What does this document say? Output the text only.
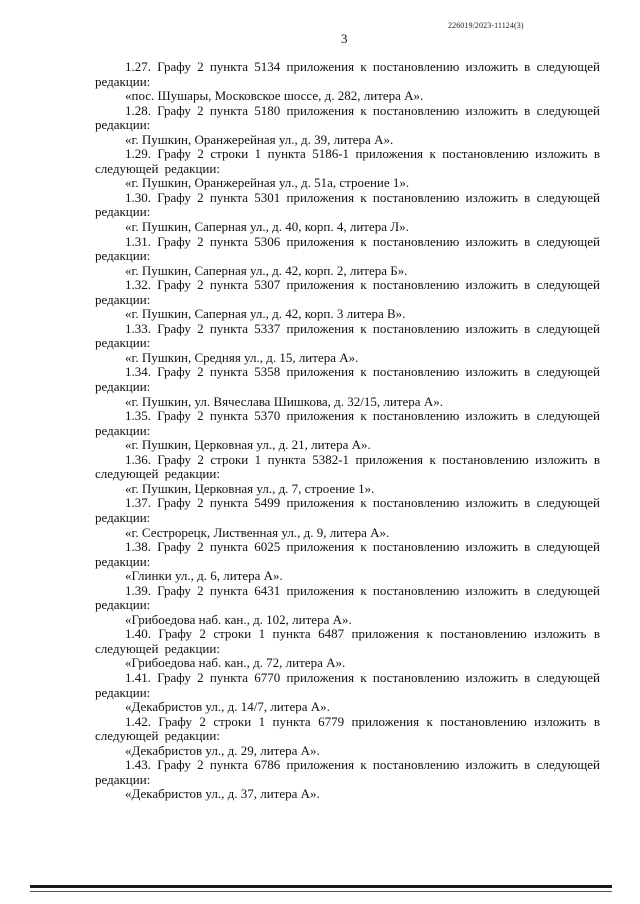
226019/2023-11124(3)
3

1.27. Графу 2 пункта 5134 приложения к постановлению изложить в следующей редакции:

«пос. Шушары, Московское шоссе, д. 282, литера А».

1.28. Графу 2 пункта 5180 приложения к постановлению изложить в следующей редакции:

«г. Пушкин, Оранжерейная ул., д. 39, литера А».

1.29. Графу 2 строки 1 пункта 5186-1 приложения к постановлению изложить в следующей редакции:

«г. Пушкин, Оранжерейная ул., д. 51а, строение 1».

1.30. Графу 2 пункта 5301 приложения к постановлению изложить в следующей редакции:

«г. Пушкин, Саперная ул., д. 40, корп. 4, литера Л».

1.31. Графу 2 пункта 5306 приложения к постановлению изложить в следующей редакции:

«г. Пушкин, Саперная ул., д. 42, корп. 2, литера Б».

1.32. Графу 2 пункта 5307 приложения к постановлению изложить в следующей редакции:

«г. Пушкин, Саперная ул., д. 42, корп. 3 литера В».

1.33. Графу 2 пункта 5337 приложения к постановлению изложить в следующей редакции:

«г. Пушкин, Средняя ул., д. 15, литера А».

1.34. Графу 2 пункта 5358 приложения к постановлению изложить в следующей редакции:

«г. Пушкин, ул. Вячеслава Шишкова, д. 32/15, литера А».

1.35. Графу 2 пункта 5370 приложения к постановлению изложить в следующей редакции:

«г. Пушкин, Церковная ул., д. 21, литера А».

1.36. Графу 2 строки 1 пункта 5382-1 приложения к постановлению изложить в следующей редакции:

«г. Пушкин, Церковная ул., д. 7, строение 1».

1.37. Графу 2 пункта 5499 приложения к постановлению изложить в следующей редакции:

«г. Сестрорецк, Лиственная ул., д. 9, литера А».

1.38. Графу 2 пункта 6025 приложения к постановлению изложить в следующей редакции:

«Глинки ул., д. 6, литера А».

1.39. Графу 2 пункта 6431 приложения к постановлению изложить в следующей редакции:

«Грибоедова наб. кан., д. 102, литера А».

1.40. Графу 2 строки 1 пункта 6487 приложения к постановлению изложить в следующей редакции:

«Грибоедова наб. кан., д. 72, литера А».

1.41. Графу 2 пункта 6770 приложения к постановлению изложить в следующей редакции:

«Декабристов ул., д. 14/7, литера А».

1.42. Графу 2 строки 1 пункта 6779 приложения к постановлению изложить в следующей редакции:

«Декабристов ул., д. 29, литера А».

1.43. Графу 2 пункта 6786 приложения к постановлению изложить в следующей редакции:

«Декабристов ул., д. 37, литера А».
